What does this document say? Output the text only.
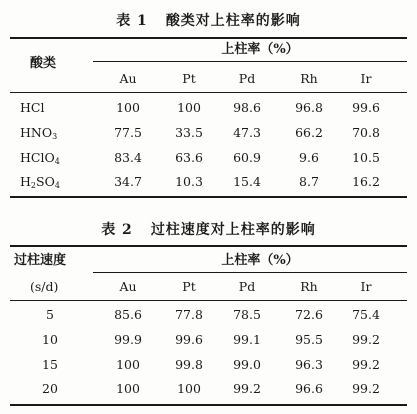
表 1 酸类对上柱率的影响
酸类
上柱率（%）
Au	Pt	Pd	Rh	Ir
HCl	100	100	98.6	96.8	99.6
$HNO_3$	77.5	33.5	47.3	66.2	70.8
HClO$_4$	83.4	63.6	60.9	9.6	10.5
$H_2SO_4$	34.7	10.3	15.4	8.7	16.2
表 2 过柱速度对上柱率的影响
过柱速度
(s/d)
上柱率（%）
Au	Pt	Pd	Rh	Ir
5	85.6	77.8	78.5	72.6	75.4
10	99.9	99.6	99.1	95.5	99.2
15	100	99.8	99.0	96.3	99.2
20	100	100	99.2	96.6	99.2
